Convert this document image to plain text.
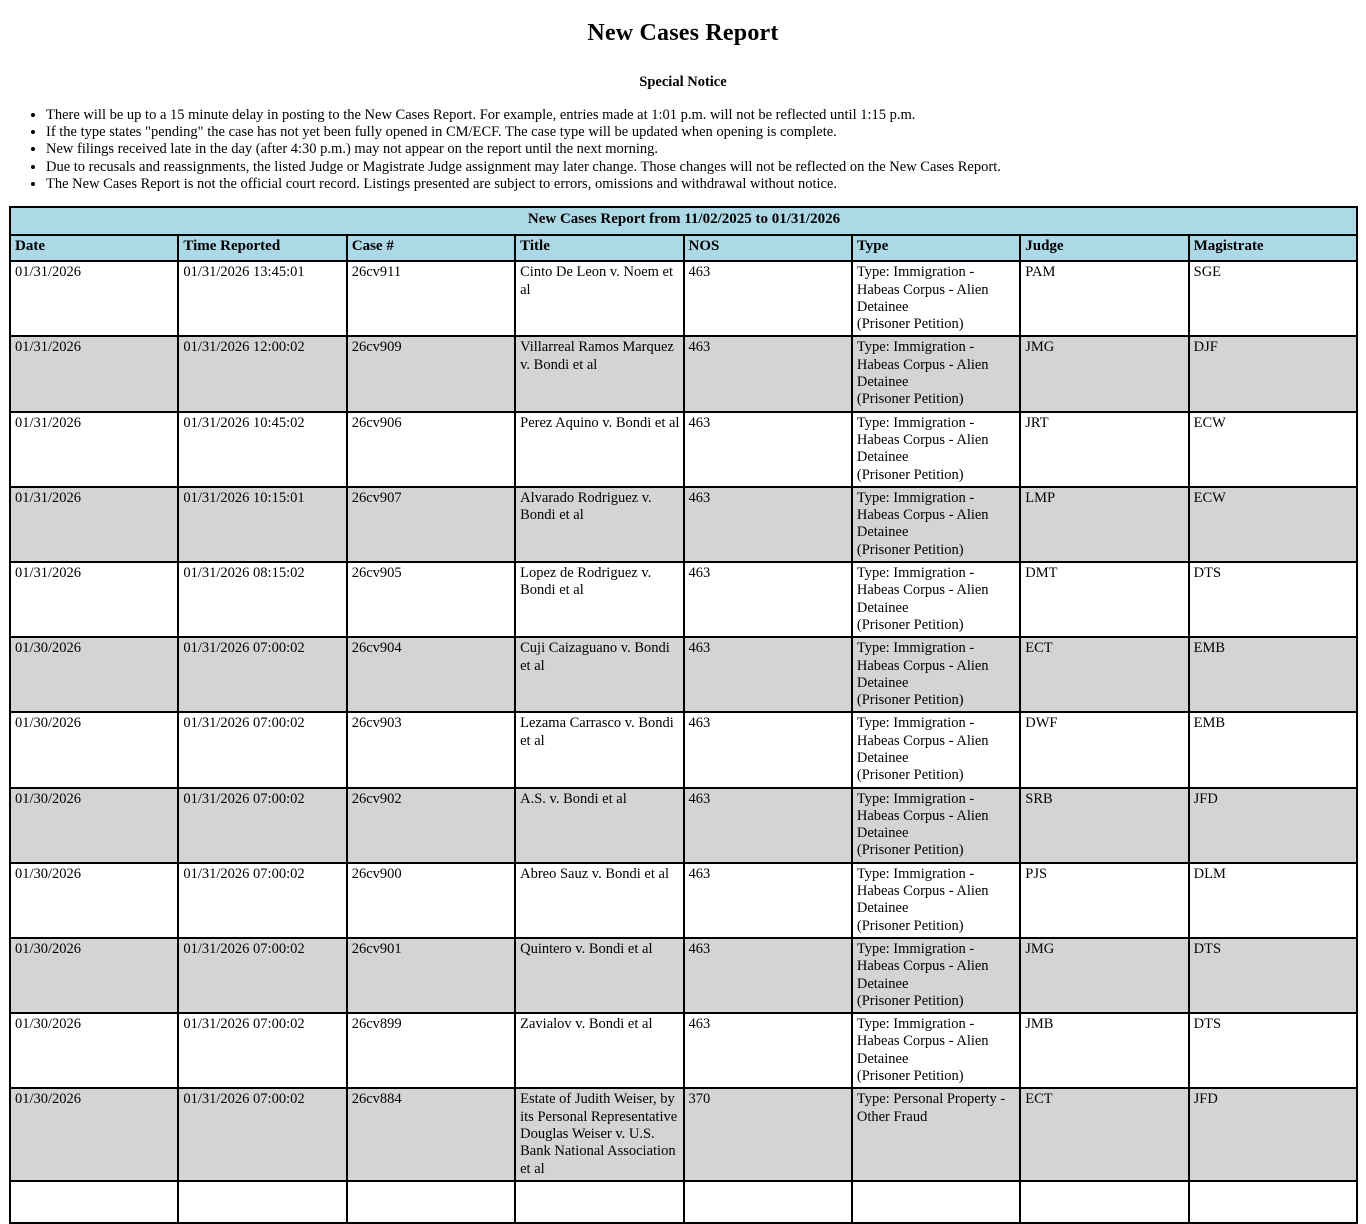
New Cases Report
Special Notice
• There will be up to a 15 minute delay in posting to the New Cases Report. For example, entries made at 1:01 p.m. will not be reflected until 1:15 p.m.
• If the type states "pending" the case has not yet been fully opened in CM/ECF. The case type will be updated when opening is complete.
• New filings received late in the day (after 4:30 p.m.) may not appear on the report until the next morning.
• Due to recusals and reassignments, the listed Judge or Magistrate Judge assignment may later change. Those changes will not be reflected on the New Cases Report.
• The New Cases Report is not the official court record. Listings presented are subject to errors, omissions and withdrawal without notice.
New Cases Report from 11/02/2025 to 01/31/2026							
Date	Time Reported	Case #	Title	NOS	Type	Judge	Magistrate
01/31/2026	01/31/2026 13:45:01	26cv911	Cinto De Leon v. Noem et al	463	Type: Immigration - Habeas Corpus - Alien Detainee
(Prisoner Petition)	PAM	SGE
01/31/2026	01/31/2026 12:00:02	26cv909	Villarreal Ramos Marquez v. Bondi et al	463	Type: Immigration - Habeas Corpus - Alien Detainee
(Prisoner Petition)	JMG	DJF
01/31/2026	01/31/2026 10:45:02	26cv906	Perez Aquino v. Bondi et al	463	Type: Immigration - Habeas Corpus - Alien Detainee
(Prisoner Petition)	JRT	ECW
01/31/2026	01/31/2026 10:15:01	26cv907	Alvarado Rodriguez v. Bondi et al	463	Type: Immigration - Habeas Corpus - Alien Detainee
(Prisoner Petition)	LMP	ECW
01/31/2026	01/31/2026 08:15:02	26cv905	Lopez de Rodriguez v. Bondi et al	463	Type: Immigration - Habeas Corpus - Alien Detainee
(Prisoner Petition)	DMT	DTS
01/30/2026	01/31/2026 07:00:02	26cv904	Cuji Caizaguano v. Bondi et al	463	Type: Immigration - Habeas Corpus - Alien Detainee
(Prisoner Petition)	ECT	EMB
01/30/2026	01/31/2026 07:00:02	26cv903	Lezama Carrasco v. Bondi et al	463	Type: Immigration - Habeas Corpus - Alien Detainee
(Prisoner Petition)	DWF	EMB
01/30/2026	01/31/2026 07:00:02	26cv902	A.S. v. Bondi et al	463	Type: Immigration - Habeas Corpus - Alien Detainee
(Prisoner Petition)	SRB	JFD
01/30/2026	01/31/2026 07:00:02	26cv900	Abreo Sauz v. Bondi et al	463	Type: Immigration - Habeas Corpus - Alien Detainee
(Prisoner Petition)	PJS	DLM
01/30/2026	01/31/2026 07:00:02	26cv901	Quintero v. Bondi et al	463	Type: Immigration - Habeas Corpus - Alien Detainee
(Prisoner Petition)	JMG	DTS
01/30/2026	01/31/2026 07:00:02	26cv899	Zavialov v. Bondi et al	463	Type: Immigration - Habeas Corpus - Alien Detainee
(Prisoner Petition)	JMB	DTS
01/30/2026	01/31/2026 07:00:02	26cv884	Estate of Judith Weiser, by its Personal Representative Douglas Weiser v. U.S. Bank National Association et al	370	Type: Personal Property - Other Fraud	ECT	JFD
